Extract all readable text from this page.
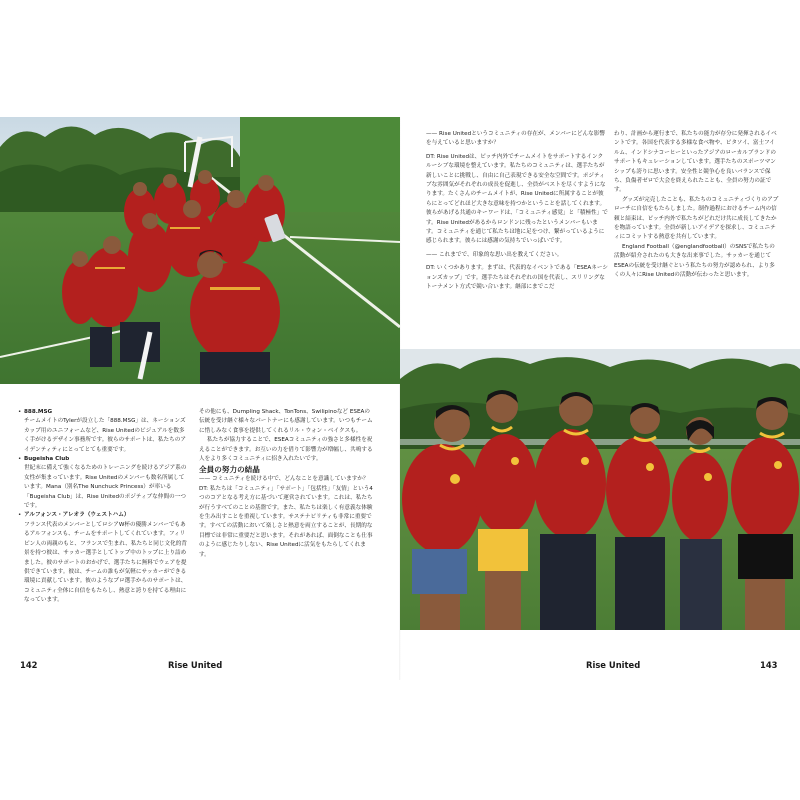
—— Rise Unitedというコミュニティの存在が、メンバーにどんな影響を与えていると思いますか？

DT: Rise Unitedは、ピッチ内外でチームメイトをサポートするインクルーシブな環境を整えています。私たちのコミュニティは、選手たちが新しいことに挑戦し、自由に自己表現できる安全な空間です。ポジティブな雰囲気がそれぞれの成長を促進し、全員がベストを尽くすようになります。たくさんのチームメイトが、Rise Unitedに所属することが彼らにとってどれほど大きな意味を持つかということを話してくれます。彼らがあげる共通のキーワードは、「コミュニティ感覚」と「積極性」です。Rise Unitedがあるからロンドンに残ったというメンバーもいます。コミュニティを通じて私たちは地に足をつけ、繋がっているように感じられます。彼らには感謝の気持ちでいっぱいです。

—— これまでで、印象的な思い出を教えてください。

DT: いくつかあります。まずは、代表的なイベントである「ESEAネーションズカップ」です。選手たちはそれぞれの国を代表し、スリリングなトーナメント方式で競い合います。継部にまでこだ

わり、計画から運行まで、私たちの能力が存分に発揮されるイベントです。各国を代表する多様な食べ物や、ビタソイ、富士フイルム、インドシナコーヒーといったアジアのローカルブランドのサポートもキュレーションしています。選手たちのスポーツマンシップも誇りに思います。安全性と競争心を良いバランスで保ち、負傷者ゼロで大会を終えられたことも、全員の努力の証です。

グッズが完売したことも、私たちのコミュニティづくりのアプローチに自信をもたらしました。制作過程におけるチーム内の信頼と結束は、ピッチ内外で私たちがどれだけ共に成長してきたかを物語っています。全員が新しいアイデアを探求し、コミュニティにコミットする熱意を共有しています。

England Football（@englandfootball）のSNSで私たちの活動が紹介されたのも大きな出来事でした。サッカーを通じてESEAの伝統を受け継ぐという私たちの努力が認められ、より多くの人々にRise Unitedの活動が伝わったと思います。

• 888.MSG

チームメイトのTylerが設立した「888.MSG」は、ネーションズカップ用のユニフォームなど、Rise Unitedのビジュアルを数多く手がけるデザイン事務所です。彼らのサポートは、私たちのアイデンティティにとってとても重要です。

• Bugeisha Club

世紀末に備えて強くなるためのトレーニングを続けるアジア系の女性が集まっています。Rise Unitedのメンバーも数名所属しています。Mana（別名The Nunchuck Princess）が率いる「Bugeisha Club」は、Rise Unitedのポジティブな仲間の一つです。

• アルフォンス・アレオラ（ウェストハム）

フランス代表のメンバーとしてロシアW杯の優勝メンバーでもあるアルフォンスも、チームをサポートしてくれています。フィリピン人の両親のもと、フランスで生まれ、私たちと同じ文化的背景を持つ彼は、サッカー選手としてトップ中のトップに上り詰めました。彼のサポートのおかげで、選手たちに無料でウェアを提供できています。彼は、チームの誰もが気軽にサッカーができる環境に貢献しています。彼のようなプロ選手からのサポートは、コミュニティ全体に自信をもたらし、熱意と誇りを持てる理由になっています。

その他にも、Dumpling Shack、TonTons、Swilipinoなど ESEAの伝統を受け継ぐ様々なパートナーにも感謝しています。いつもチームに惜しみなく食事を提供してくれるリル・ウォン・ベイクスも。

私たちが協力することで、ESEAコミュニティの強さと多様性を祝えることができます。お互いの力を借りて影響力が増幅し、共鳴する人をより多くコミュニティに招き入れたいです。

全員の努力の結晶

—— コミュニティを続ける中で、どんなことを意識していますか？

DT: 私たちは「コミュニティ」「サポート」「包括性」「友情」という4つのコアとなる考え方に基づいて運営されています。これは、私たちが行うすべてのことの基盤です。また、私たちは楽しく有意義な体験を生み出すことを重視しています。サステナビリティも非常に重要です。すべての活動において楽しさと熱意を両立することが、長期的な目標では非常に重要だと思います。それがあれば、面倒なことも仕事のように感じたりしない、Rise Unitedに活気をもたらしてくれます。

142	Rise United	Rise United	143
